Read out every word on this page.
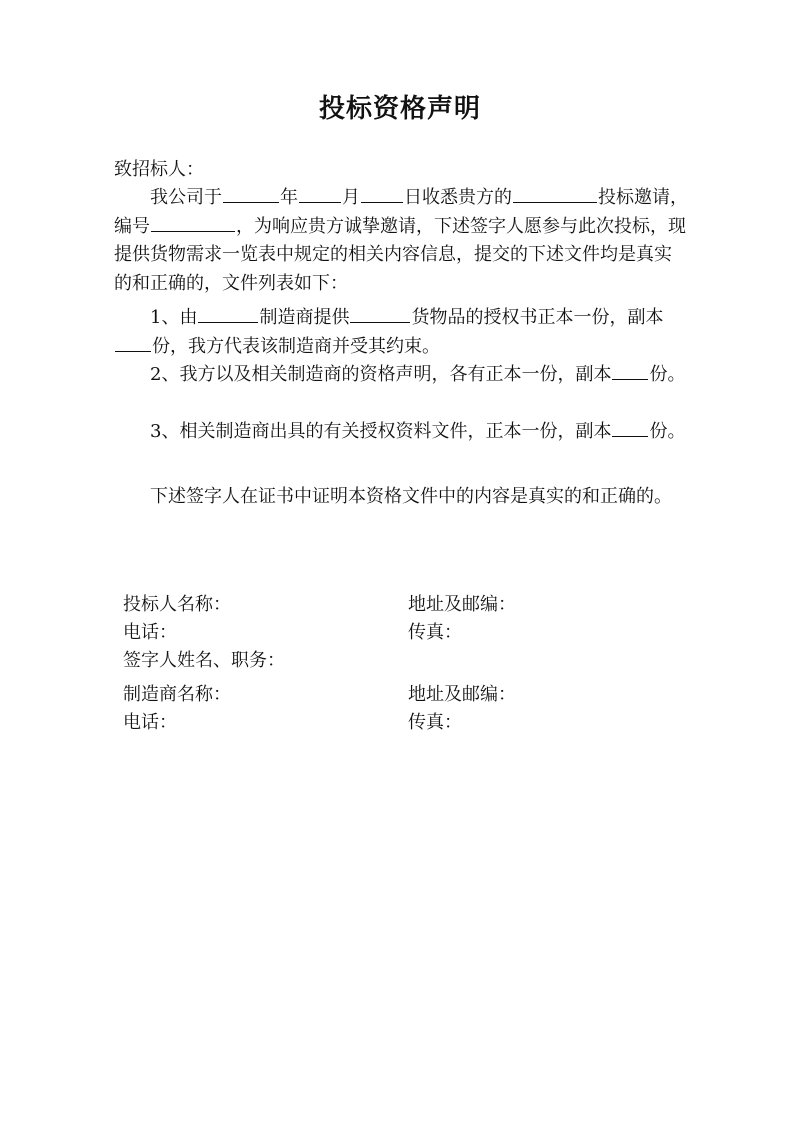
投标资格声明
致招标人：
我公司于	年 月 日收悉贵方的	投标邀请，编号	，为响应贵方诚挚邀请，下述签字人愿参与此次投标，现提供货物需求一览表中规定的相关内容信息，提交的下述文件均是真实的和正确的，文件列表如下：
1、由	制造商提供	货物品的授权书正本一份，副本份，我方代表该制造商并受其约束。
2、我方以及相关制造商的资格声明，各有正本一份，副本 份。
3、相关制造商出具的有关授权资料文件，正本一份，副本 份。
下述签字人在证书中证明本资格文件中的内容是真实的和正确的。
投标人名称：	地址及邮编：
电话：	传真：
签字人姓名、职务：
制造商名称：	地址及邮编：
电话：	传真：
